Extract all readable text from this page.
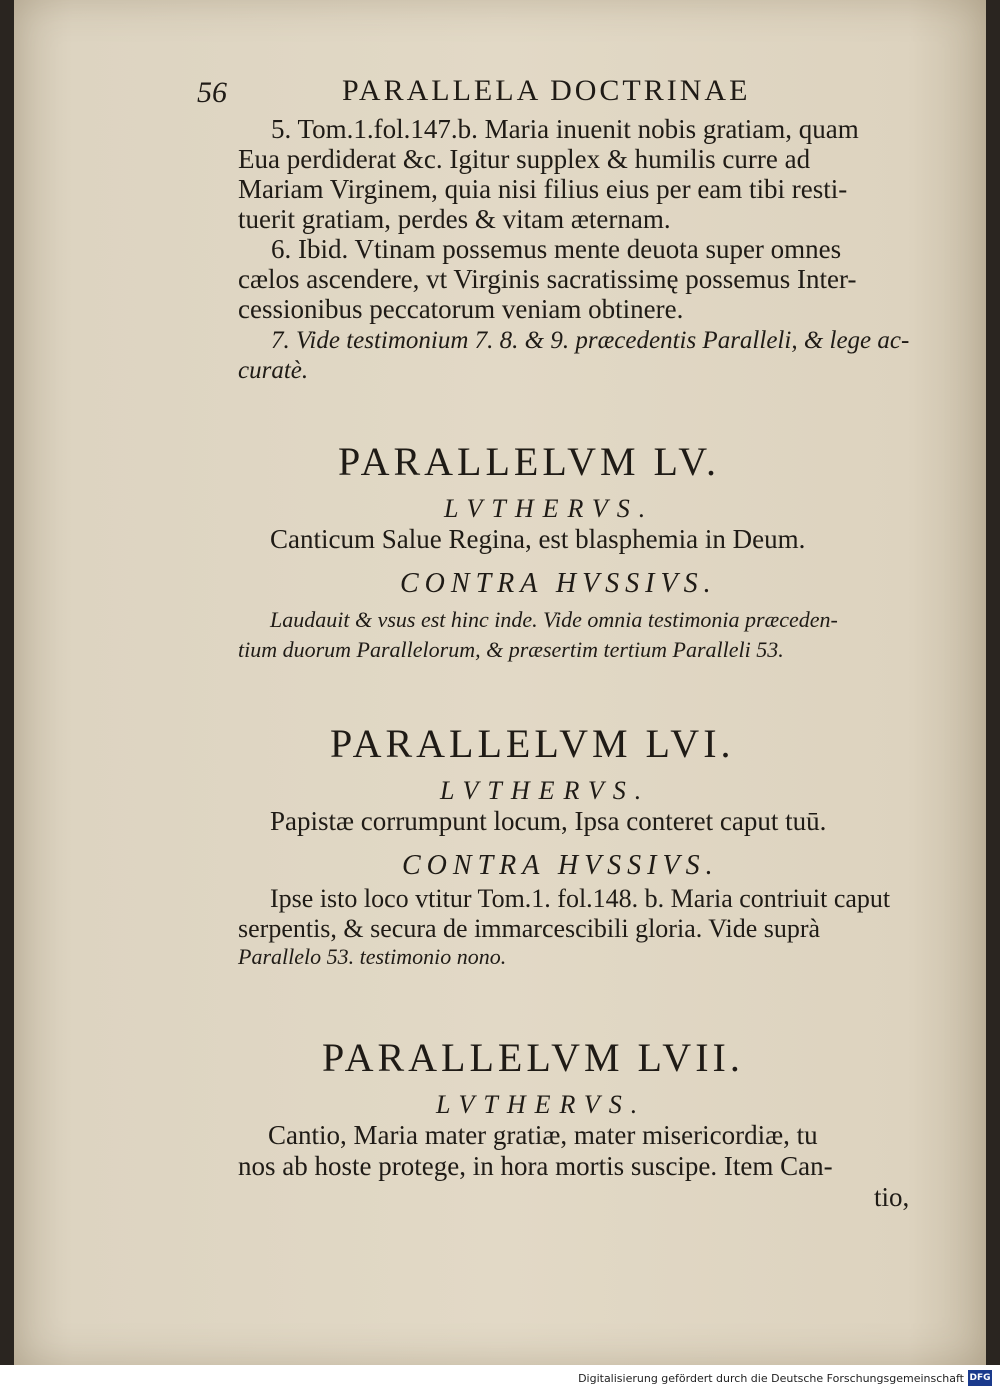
56	PARALLELA DOCTRINAE
5. Tom.1.fol.147.b. Maria inuenit nobis gratiam, quam
Eua perdiderat &c. Igitur supplex & humilis curre ad
Mariam Virginem, quia nisi filius eius per eam tibi resti-
tuerit gratiam, perdes & vitam æternam.
6. Ibid. Vtinam possemus mente deuota super omnes
cælos ascendere, vt Virginis sacratissimę possemus Inter-
cessionibus peccatorum veniam obtinere.
7. Vide testimonium 7. 8. & 9. præcedentis Paralleli, & lege ac-
curatè.
PARALLELVM LV.
LVTHERVS.
Canticum Salue Regina, est blasphemia in Deum.
CONTRA HVSSIVS.
Laudauit & vsus est hinc inde. Vide omnia testimonia præceden-
tium duorum Parallelorum, & præsertim tertium Paralleli 53.
PARALLELVM LVI.
LVTHERVS.
Papistæ corrumpunt locum, Ipsa conteret caput tuū.
CONTRA HVSSIVS.
Ipse isto loco vtitur Tom.1. fol.148. b. Maria contriuit caput
serpentis, & secura de immarcescibili gloria. Vide suprà
Parallelo 53. testimonio nono.
PARALLELVM LVII.
LVTHERVS.
Cantio, Maria mater gratiæ, mater misericordiæ, tu
nos ab hoste protege, in hora mortis suscipe. Item Can-
tio,
Digitalisierung gefördert durch die Deutsche Forschungsgemeinschaft DFG
